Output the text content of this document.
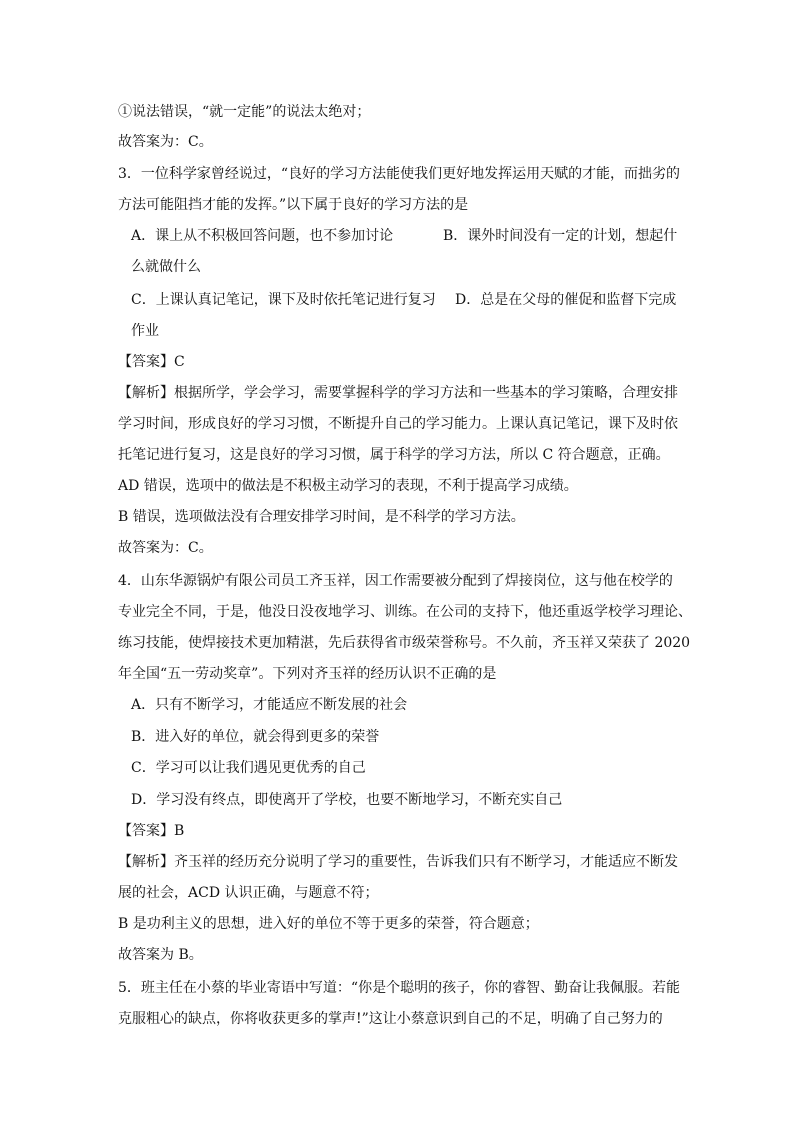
①说法错误，“就一定能”的说法太绝对；
故答案为：C。
3．一位科学家曾经说过，“良好的学习方法能使我们更好地发挥运用天赋的才能，而拙劣的
方法可能阻挡才能的发挥。”以下属于良好的学习方法的是
A．课上从不积极回答问题，也不参加讨论	B．课外时间没有一定的计划，想起什
么就做什么
C．上课认真记笔记，课下及时依托笔记进行复习 D．总是在父母的催促和监督下完成
作业
【答案】C
【解析】根据所学，学会学习，需要掌握科学的学习方法和一些基本的学习策略，合理安排
学习时间，形成良好的学习习惯，不断提升自己的学习能力。上课认真记笔记，课下及时依
托笔记进行复习，这是良好的学习习惯，属于科学的学习方法，所以 C 符合题意，正确。
AD 错误，选项中的做法是不积极主动学习的表现，不利于提高学习成绩。
B 错误，选项做法没有合理安排学习时间，是不科学的学习方法。
故答案为：C。
4．山东华源锅炉有限公司员工齐玉祥，因工作需要被分配到了焊接岗位，这与他在校学的
专业完全不同，于是，他没日没夜地学习、训练。在公司的支持下，他还重返学校学习理论、
练习技能，使焊接技术更加精湛，先后获得省市级荣誉称号。不久前，齐玉祥又荣获了 2020
年全国“五一劳动奖章”。下列对齐玉祥的经历认识不正确的是
A．只有不断学习，才能适应不断发展的社会
B．进入好的单位，就会得到更多的荣誉
C．学习可以让我们遇见更优秀的自己
D．学习没有终点，即使离开了学校，也要不断地学习，不断充实自己
【答案】B
【解析】齐玉祥的经历充分说明了学习的重要性，告诉我们只有不断学习，才能适应不断发
展的社会，ACD 认识正确，与题意不符；
B 是功利主义的思想，进入好的单位不等于更多的荣誉，符合题意；
故答案为 B。
5．班主任在小蔡的毕业寄语中写道：“你是个聪明的孩子，你的睿智、勤奋让我佩服。若能
克服粗心的缺点，你将收获更多的掌声!”这让小蔡意识到自己的不足，明确了自己努力的
